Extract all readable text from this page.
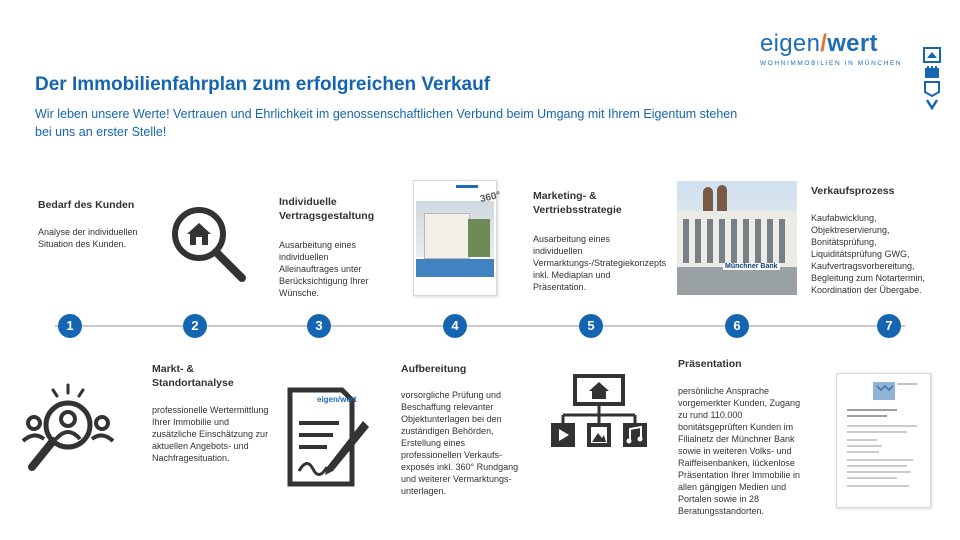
Der Immobilienfahrplan zum erfolgreichen Verkauf
Wir leben unsere Werte! Vertrauen und Ehrlichkeit im genossenschaftlichen Verbund beim Umgang mit Ihrem Eigentum stehen bei uns an erster Stelle!
eigen/wert
WOHNIMMOBILIEN IN MÜNCHEN
1	2	3	4	5	6	7
Bedarf des Kunden
Analyse der individuellen Situation des Kunden.
Markt- & Standortanalyse
professionelle Wertermittlung Ihrer Immobilie und zusätzliche Einschätzung zur aktuellen Angebots- und Nachfragesituation.
Individuelle Vertragsgestaltung
Ausarbeitung eines individuellen Alleinauftrages unter Berücksichtigung Ihrer Wünsche.
eigen/wert
360°
Aufbereitung
vorsorgliche Prüfung und Beschaffung relevanter Objektunterlagen bei den zuständigen Behörden, Erstellung eines professionellen Verkaufs-exposés inkl. 360° Rundgang und weiterer Vermarktungs-unterlagen.
Marketing- & Vertriebsstrategie
Ausarbeitung eines individuellen Vermarktungs-/Strategiekonzepts inkl. Mediaplan und Präsentation.
Münchner Bank
Präsentation
persönliche Ansprache vorgemerkter Kunden, Zugang zu rund 110.000 bonitätsgeprüften Kunden im Filialnetz der Münchner Bank sowie in weiteren Volks- und Raiffeisenbanken, lückenlose Präsentation Ihrer Immobilie in allen gängigen Medien und Portalen sowie in 28 Beratungsstandorten.
Verkaufsprozess
Kaufabwicklung, Objektreservierung, Bonitätsprüfung, Liquiditätsprüfung GWG, Kaufvertragsvorbereitung, Begleitung zum Notartermin, Koordination der Übergabe.
